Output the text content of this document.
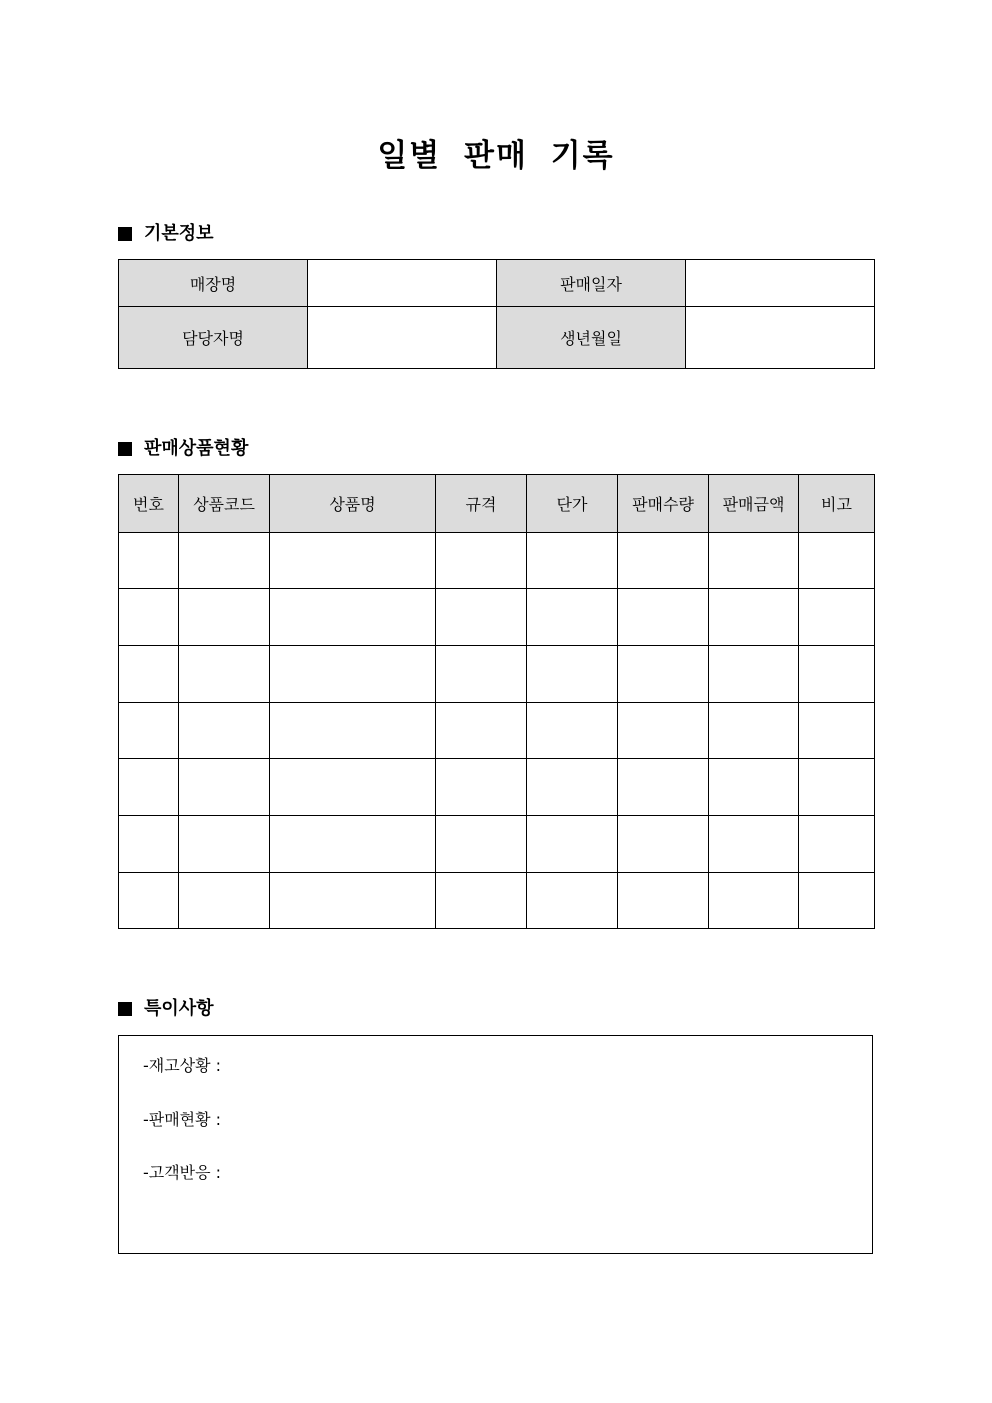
일별 판매 기록
기본정보
매장명		판매일자	
담당자명		생년월일	
판매상품현황
번호	상품코드	상품명	규격	단가	판매수량	판매금액	비고

특이사항
-재고상황 :
-판매현황 :
-고객반응 :
